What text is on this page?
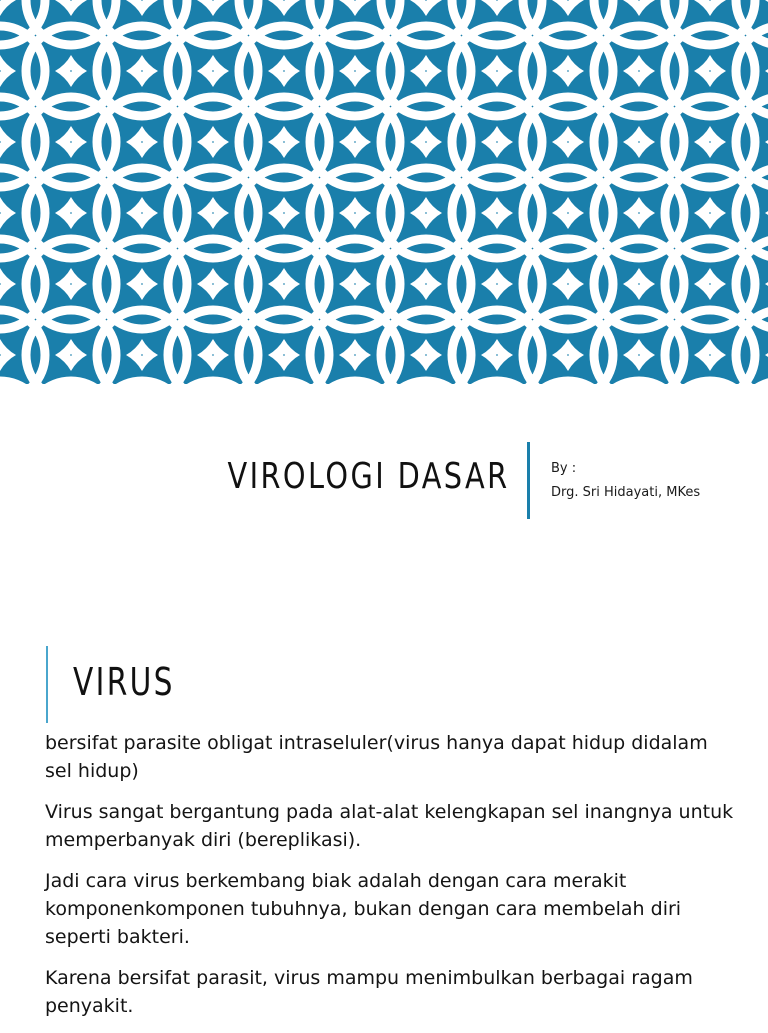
VIROLOGI DASAR	By :
Drg. Sri Hidayati, MKes
VIRUS

bersifat parasite obligat intraseluler(virus hanya dapat hidup didalam sel hidup)

Virus sangat bergantung pada alat-alat kelengkapan sel inangnya untuk memperbanyak diri (bereplikasi).

Jadi cara virus berkembang biak adalah dengan cara merakit komponenkomponen tubuhnya, bukan dengan cara membelah diri seperti bakteri.

Karena bersifat parasit, virus mampu menimbulkan berbagai ragam penyakit.
